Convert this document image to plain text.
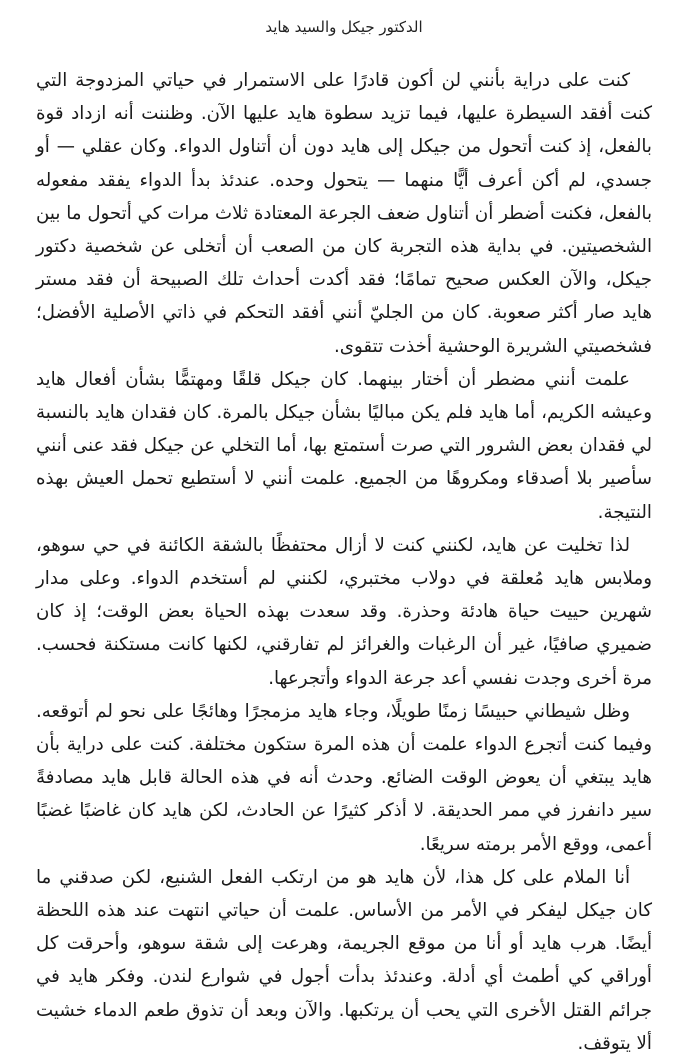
الدكتور جيكل والسيد هايد

كنت على دراية بأنني لن أكون قادرًا على الاستمرار في حياتي المزدوجة التي كنت أفقد السيطرة عليها، فيما تزيد سطوة هايد عليها الآن. وظننت أنه ازداد قوة بالفعل، إذ كنت أتحول من جيكل إلى هايد دون أن أتناول الدواء. وكان عقلي — أو جسدي، لم أكن أعرف أيًّا منهما — يتحول وحده. عندئذ بدأ الدواء يفقد مفعوله بالفعل، فكنت أضطر أن أتناول ضعف الجرعة المعتادة ثلاث مرات كي أتحول ما بين الشخصيتين. في بداية هذه التجربة كان من الصعب أن أتخلى عن شخصية دكتور جيكل، والآن العكس صحيح تمامًا؛ فقد أكدت أحداث تلك الصبيحة أن فقد مستر هايد صار أكثر صعوبة. كان من الجليّ أنني أفقد التحكم في ذاتي الأصلية الأفضل؛ فشخصيتي الشريرة الوحشية أخذت تتقوى.

علمت أنني مضطر أن أختار بينهما. كان جيكل قلقًا ومهتمًّا بشأن أفعال هايد وعيشه الكريم، أما هايد فلم يكن مباليًا بشأن جيكل بالمرة. كان فقدان هايد بالنسبة لي فقدان بعض الشرور التي صرت أستمتع بها، أما التخلي عن جيكل فقد عنى أنني سأصير بلا أصدقاء ومكروهًا من الجميع. علمت أنني لا أستطيع تحمل العيش بهذه النتيجة.

لذا تخليت عن هايد، لكنني كنت لا أزال محتفظًا بالشقة الكائنة في حي سوهو، وملابس هايد مُعلقة في دولاب مختبري، لكنني لم أستخدم الدواء. وعلى مدار شهرين حييت حياة هادئة وحذرة. وقد سعدت بهذه الحياة بعض الوقت؛ إذ كان ضميري صافيًا، غير أن الرغبات والغرائز لم تفارقني، لكنها كانت مستكنة فحسب. مرة أخرى وجدت نفسي أعد جرعة الدواء وأتجرعها.

وظل شيطاني حبيسًا زمنًا طويلًا، وجاء هايد مزمجرًا وهائجًا على نحو لم أتوقعه. وفيما كنت أتجرع الدواء علمت أن هذه المرة ستكون مختلفة. كنت على دراية بأن هايد يبتغي أن يعوض الوقت الضائع. وحدث أنه في هذه الحالة قابل هايد مصادفةً سير دانفرز في ممر الحديقة. لا أذكر كثيرًا عن الحادث، لكن هايد كان غاضبًا غضبًا أعمى، ووقع الأمر برمته سريعًا.

أنا الملام على كل هذا، لأن هايد هو من ارتكب الفعل الشنيع، لكن صدقني ما كان جيكل ليفكر في الأمر من الأساس. علمت أن حياتي انتهت عند هذه اللحظة أيضًا. هرب هايد أو أنا من موقع الجريمة، وهرعت إلى شقة سوهو، وأحرقت كل أوراقي كي أطمث أي أدلة. وعندئذ بدأت أجول في شوارع لندن. وفكر هايد في جرائم القتل الأخرى التي يحب أن يرتكبها. والآن وبعد أن تذوق طعم الدماء خشيت ألا يتوقف.
